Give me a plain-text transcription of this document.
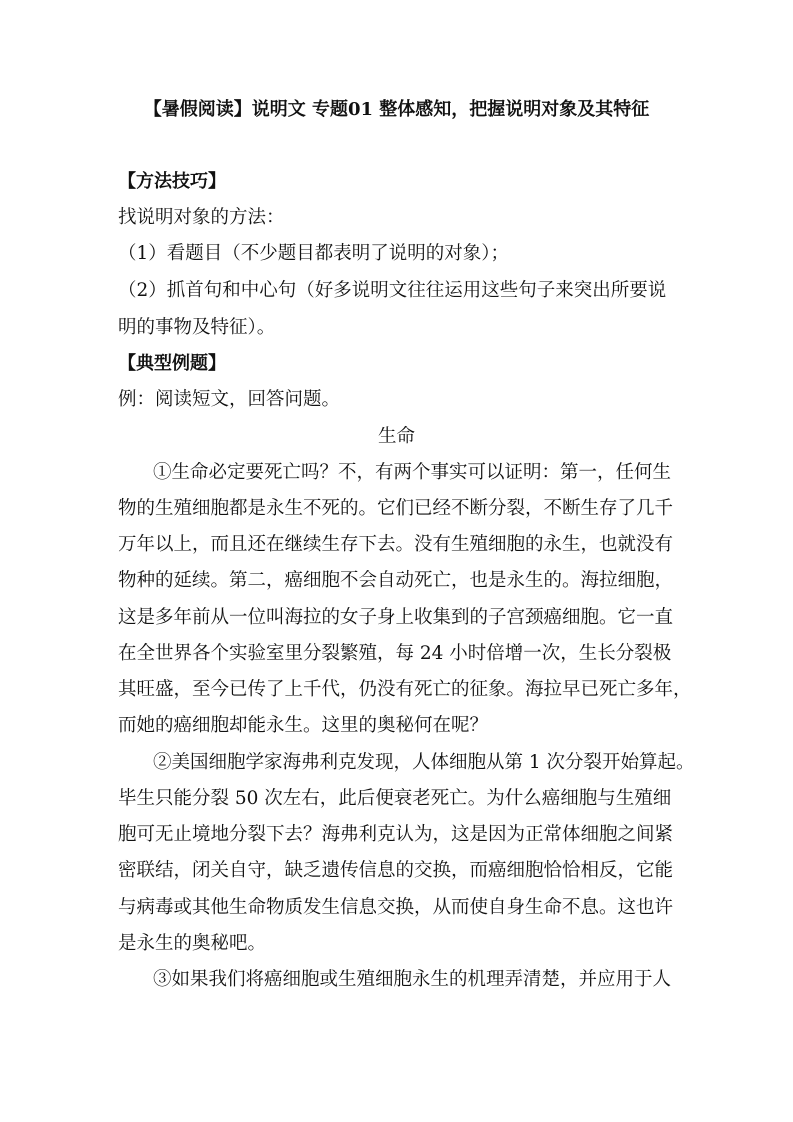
【暑假阅读】说明文 专题01 整体感知，把握说明对象及其特征
【方法技巧】
找说明对象的方法：
（1）看题目（不少题目都表明了说明的对象）；
（2）抓首句和中心句（好多说明文往往运用这些句子来突出所要说
明的事物及特征）。
【典型例题】
例：阅读短文，回答问题。
生命
①生命必定要死亡吗？不，有两个事实可以证明：第一，任何生
物的生殖细胞都是永生不死的。它们已经不断分裂，不断生存了几千
万年以上，而且还在继续生存下去。没有生殖细胞的永生，也就没有
物种的延续。第二，癌细胞不会自动死亡，也是永生的。海拉细胞，
这是多年前从一位叫海拉的女子身上收集到的子宫颈癌细胞。它一直
在全世界各个实验室里分裂繁殖，每 24 小时倍增一次，生长分裂极
其旺盛，至今已传了上千代，仍没有死亡的征象。海拉早已死亡多年，
而她的癌细胞却能永生。这里的奥秘何在呢？
②美国细胞学家海弗利克发现，人体细胞从第 1 次分裂开始算起。
毕生只能分裂 50 次左右，此后便衰老死亡。为什么癌细胞与生殖细
胞可无止境地分裂下去？海弗利克认为，这是因为正常体细胞之间紧
密联结，闭关自守，缺乏遗传信息的交换，而癌细胞恰恰相反，它能
与病毒或其他生命物质发生信息交换，从而使自身生命不息。这也许
是永生的奥秘吧。
③如果我们将癌细胞或生殖细胞永生的机理弄清楚，并应用于人
